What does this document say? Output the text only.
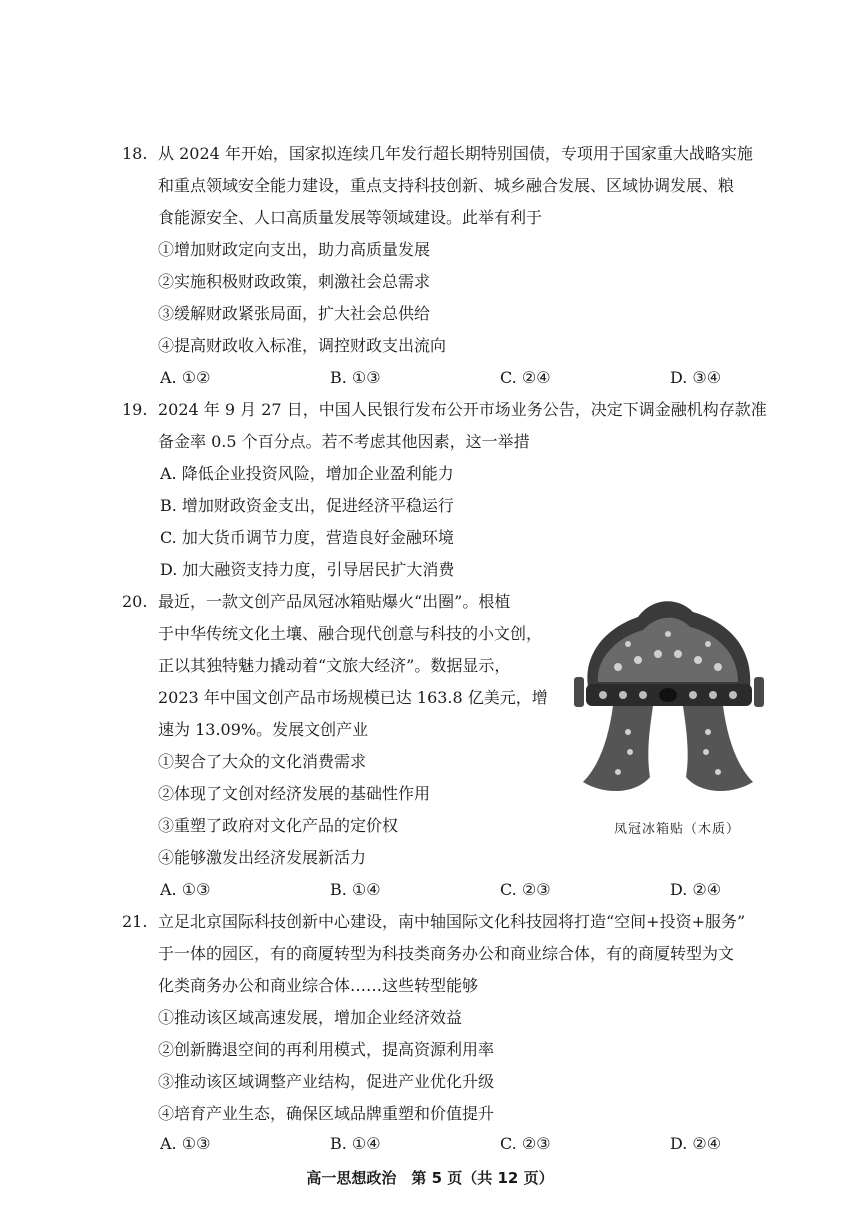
18. 从 2024 年开始，国家拟连续几年发行超长期特别国债，专项用于国家重大战略实施
和重点领域安全能力建设，重点支持科技创新、城乡融合发展、区域协调发展、粮
食能源安全、人口高质量发展等领域建设。此举有利于
①增加财政定向支出，助力高质量发展
②实施积极财政政策，刺激社会总需求
③缓解财政紧张局面，扩大社会总供给
④提高财政收入标准，调控财政支出流向
A. ①②	B. ①③	C. ②④	D. ③④
19. 2024 年 9 月 27 日，中国人民银行发布公开市场业务公告，决定下调金融机构存款准
备金率 0.5 个百分点。若不考虑其他因素，这一举措
A. 降低企业投资风险，增加企业盈利能力
B. 增加财政资金支出，促进经济平稳运行
C. 加大货币调节力度，营造良好金融环境
D. 加大融资支持力度，引导居民扩大消费
20. 最近，一款文创产品凤冠冰箱贴爆火“出圈”。根植
于中华传统文化土壤、融合现代创意与科技的小文创，
正以其独特魅力撬动着“文旅大经济”。数据显示，
2023 年中国文创产品市场规模已达 163.8 亿美元，增
速为 13.09%。发展文创产业
①契合了大众的文化消费需求
②体现了文创对经济发展的基础性作用
③重塑了政府对文化产品的定价权
④能够激发出经济发展新活力
A. ①③	B. ①④	C. ②③	D. ②④
凤冠冰箱贴（木质）
21. 立足北京国际科技创新中心建设，南中轴国际文化科技园将打造“空间+投资+服务”
于一体的园区，有的商厦转型为科技类商务办公和商业综合体，有的商厦转型为文
化类商务办公和商业综合体……这些转型能够
①推动该区域高速发展，增加企业经济效益
②创新腾退空间的再利用模式，提高资源利用率
③推动该区域调整产业结构，促进产业优化升级
④培育产业生态，确保区域品牌重塑和价值提升
A. ①③	B. ①④	C. ②③	D. ②④
高一思想政治　第 5 页（共 12 页）
